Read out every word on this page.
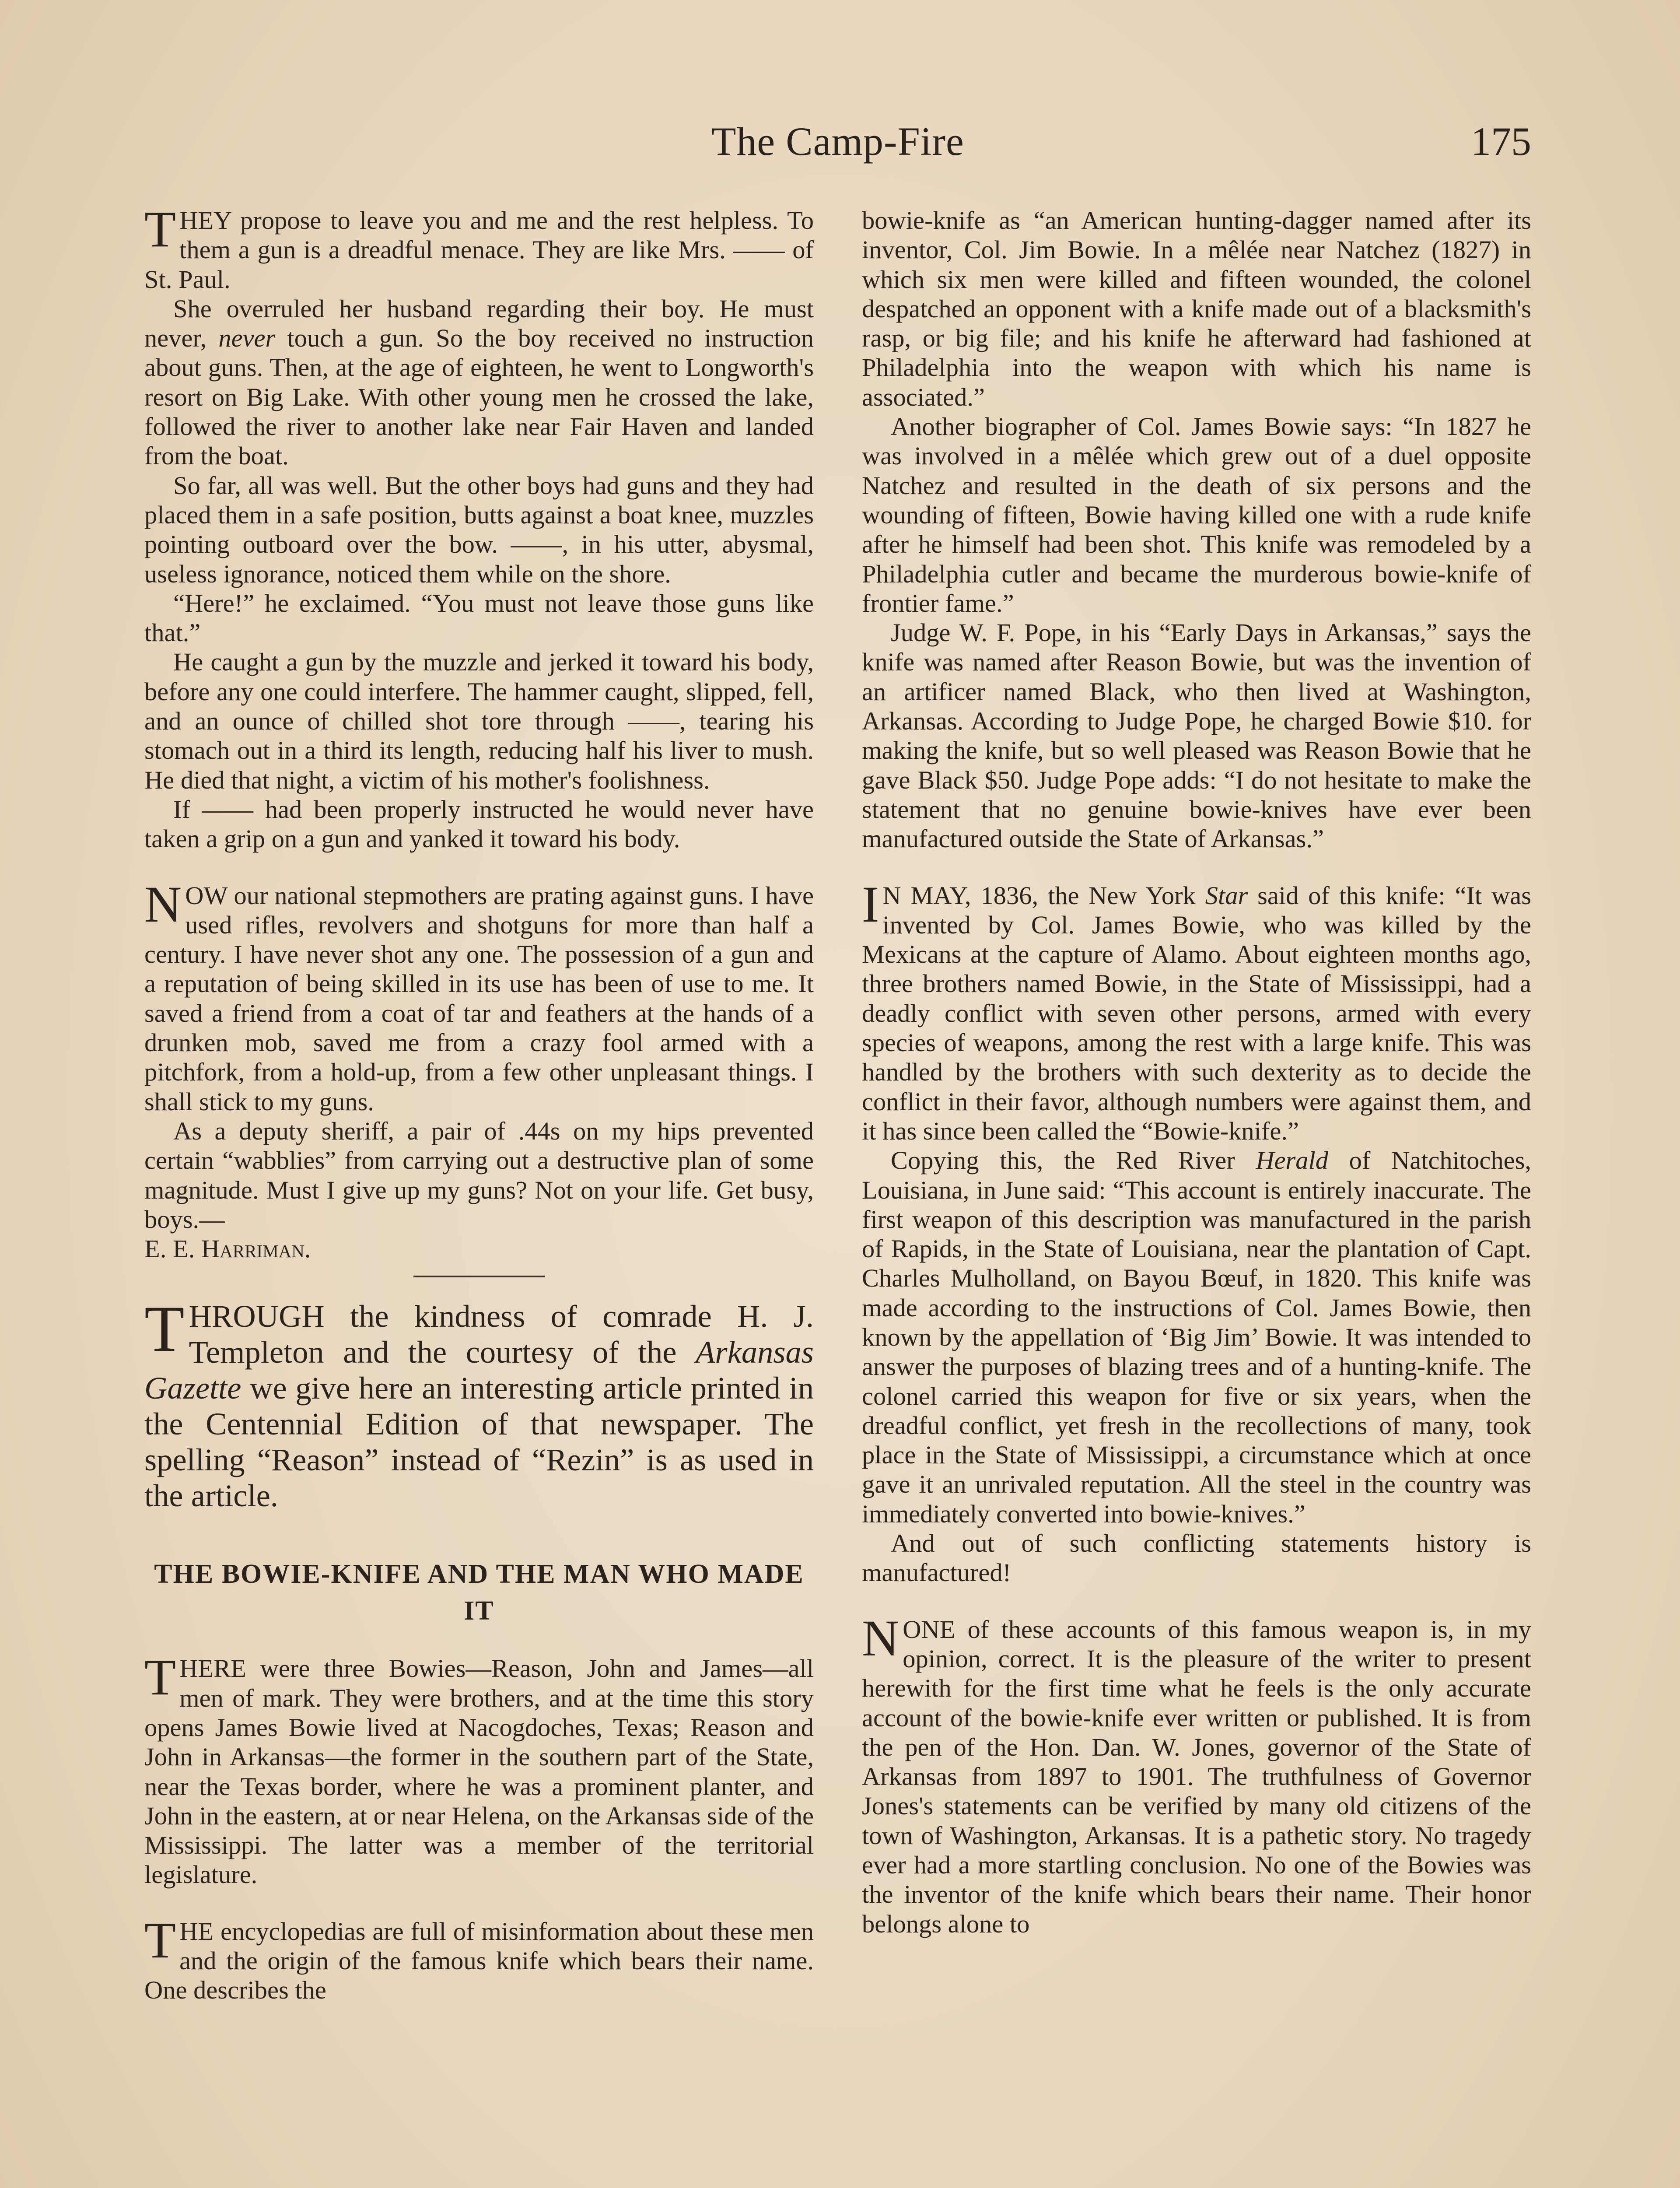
The Camp-Fire	175

THEY propose to leave you and me and the rest helpless. To them a gun is a dreadful menace. They are like Mrs. —— of St. Paul.

She overruled her husband regarding their boy. He must never, never touch a gun. So the boy received no instruction about guns. Then, at the age of eighteen, he went to Longworth's resort on Big Lake. With other young men he crossed the lake, followed the river to another lake near Fair Haven and landed from the boat.

So far, all was well. But the other boys had guns and they had placed them in a safe position, butts against a boat knee, muzzles pointing outboard over the bow. ——, in his utter, abysmal, useless ignorance, noticed them while on the shore.

“Here!” he exclaimed. “You must not leave those guns like that.”

He caught a gun by the muzzle and jerked it toward his body, before any one could interfere. The hammer caught, slipped, fell, and an ounce of chilled shot tore through ——, tearing his stomach out in a third its length, reducing half his liver to mush. He died that night, a victim of his mother's foolishness.

If —— had been properly instructed he would never have taken a grip on a gun and yanked it toward his body.

NOW our national stepmothers are prating against guns. I have used rifles, revolvers and shotguns for more than half a century. I have never shot any one. The possession of a gun and a reputation of being skilled in its use has been of use to me. It saved a friend from a coat of tar and feathers at the hands of a drunken mob, saved me from a crazy fool armed with a pitchfork, from a hold-up, from a few other unpleasant things. I shall stick to my guns.

As a deputy sheriff, a pair of .44s on my hips prevented certain “wabblies” from carrying out a destructive plan of some magnitude. Must I give up my guns? Not on your life. Get busy, boys.—

E. E. Harriman.

THROUGH the kindness of comrade H. J. Templeton and the courtesy of the Arkansas Gazette we give here an interesting article printed in the Centennial Edition of that newspaper. The spelling “Reason” instead of “Rezin” is as used in the article.

THE BOWIE-KNIFE AND THE MAN WHO MADE IT

THERE were three Bowies—Reason, John and James—all men of mark. They were brothers, and at the time this story opens James Bowie lived at Nacogdoches, Texas; Reason and John in Arkansas—the former in the southern part of the State, near the Texas border, where he was a prominent planter, and John in the eastern, at or near Helena, on the Arkansas side of the Mississippi. The latter was a member of the territorial legislature.

THE encyclopedias are full of misinformation about these men and the origin of the famous knife which bears their name. One describes the

bowie-knife as “an American hunting-dagger named after its inventor, Col. Jim Bowie. In a mêlée near Natchez (1827) in which six men were killed and fifteen wounded, the colonel despatched an opponent with a knife made out of a blacksmith's rasp, or big file; and his knife he afterward had fashioned at Philadelphia into the weapon with which his name is associated.”

Another biographer of Col. James Bowie says: “In 1827 he was involved in a mêlée which grew out of a duel opposite Natchez and resulted in the death of six persons and the wounding of fifteen, Bowie having killed one with a rude knife after he himself had been shot. This knife was remodeled by a Philadelphia cutler and became the murderous bowie-knife of frontier fame.”

Judge W. F. Pope, in his “Early Days in Arkansas,” says the knife was named after Reason Bowie, but was the invention of an artificer named Black, who then lived at Washington, Arkansas. According to Judge Pope, he charged Bowie $10. for making the knife, but so well pleased was Reason Bowie that he gave Black $50. Judge Pope adds: “I do not hesitate to make the statement that no genuine bowie-knives have ever been manufactured outside the State of Arkansas.”

I N MAY, 1836, the New York Star said of this knife: “It was invented by Col. James Bowie, who was killed by the Mexicans at the capture of Alamo. About eighteen months ago, three brothers named Bowie, in the State of Mississippi, had a deadly conflict with seven other persons, armed with every species of weapons, among the rest with a large knife. This was handled by the brothers with such dexterity as to decide the conflict in their favor, although numbers were against them, and it has since been called the “Bowie-knife.”

Copying this, the Red River Herald of Natchitoches, Louisiana, in June said: “This account is entirely inaccurate. The first weapon of this description was manufactured in the parish of Rapids, in the State of Louisiana, near the plantation of Capt. Charles Mulholland, on Bayou Bœuf, in 1820. This knife was made according to the instructions of Col. James Bowie, then known by the appellation of ‘Big Jim’ Bowie. It was intended to answer the purposes of blazing trees and of a hunting-knife. The colonel carried this weapon for five or six years, when the dreadful conflict, yet fresh in the recollections of many, took place in the State of Mississippi, a circumstance which at once gave it an unrivaled reputation. All the steel in the country was immediately converted into bowie-knives.”

And out of such conflicting statements history is manufactured!

NONE of these accounts of this famous weapon is, in my opinion, correct. It is the pleasure of the writer to present herewith for the first time what he feels is the only accurate account of the bowie-knife ever written or published. It is from the pen of the Hon. Dan. W. Jones, governor of the State of Arkansas from 1897 to 1901. The truthfulness of Governor Jones's statements can be verified by many old citizens of the town of Washington, Arkansas. It is a pathetic story. No tragedy ever had a more startling conclusion. No one of the Bowies was the inventor of the knife which bears their name. Their honor belongs alone to
